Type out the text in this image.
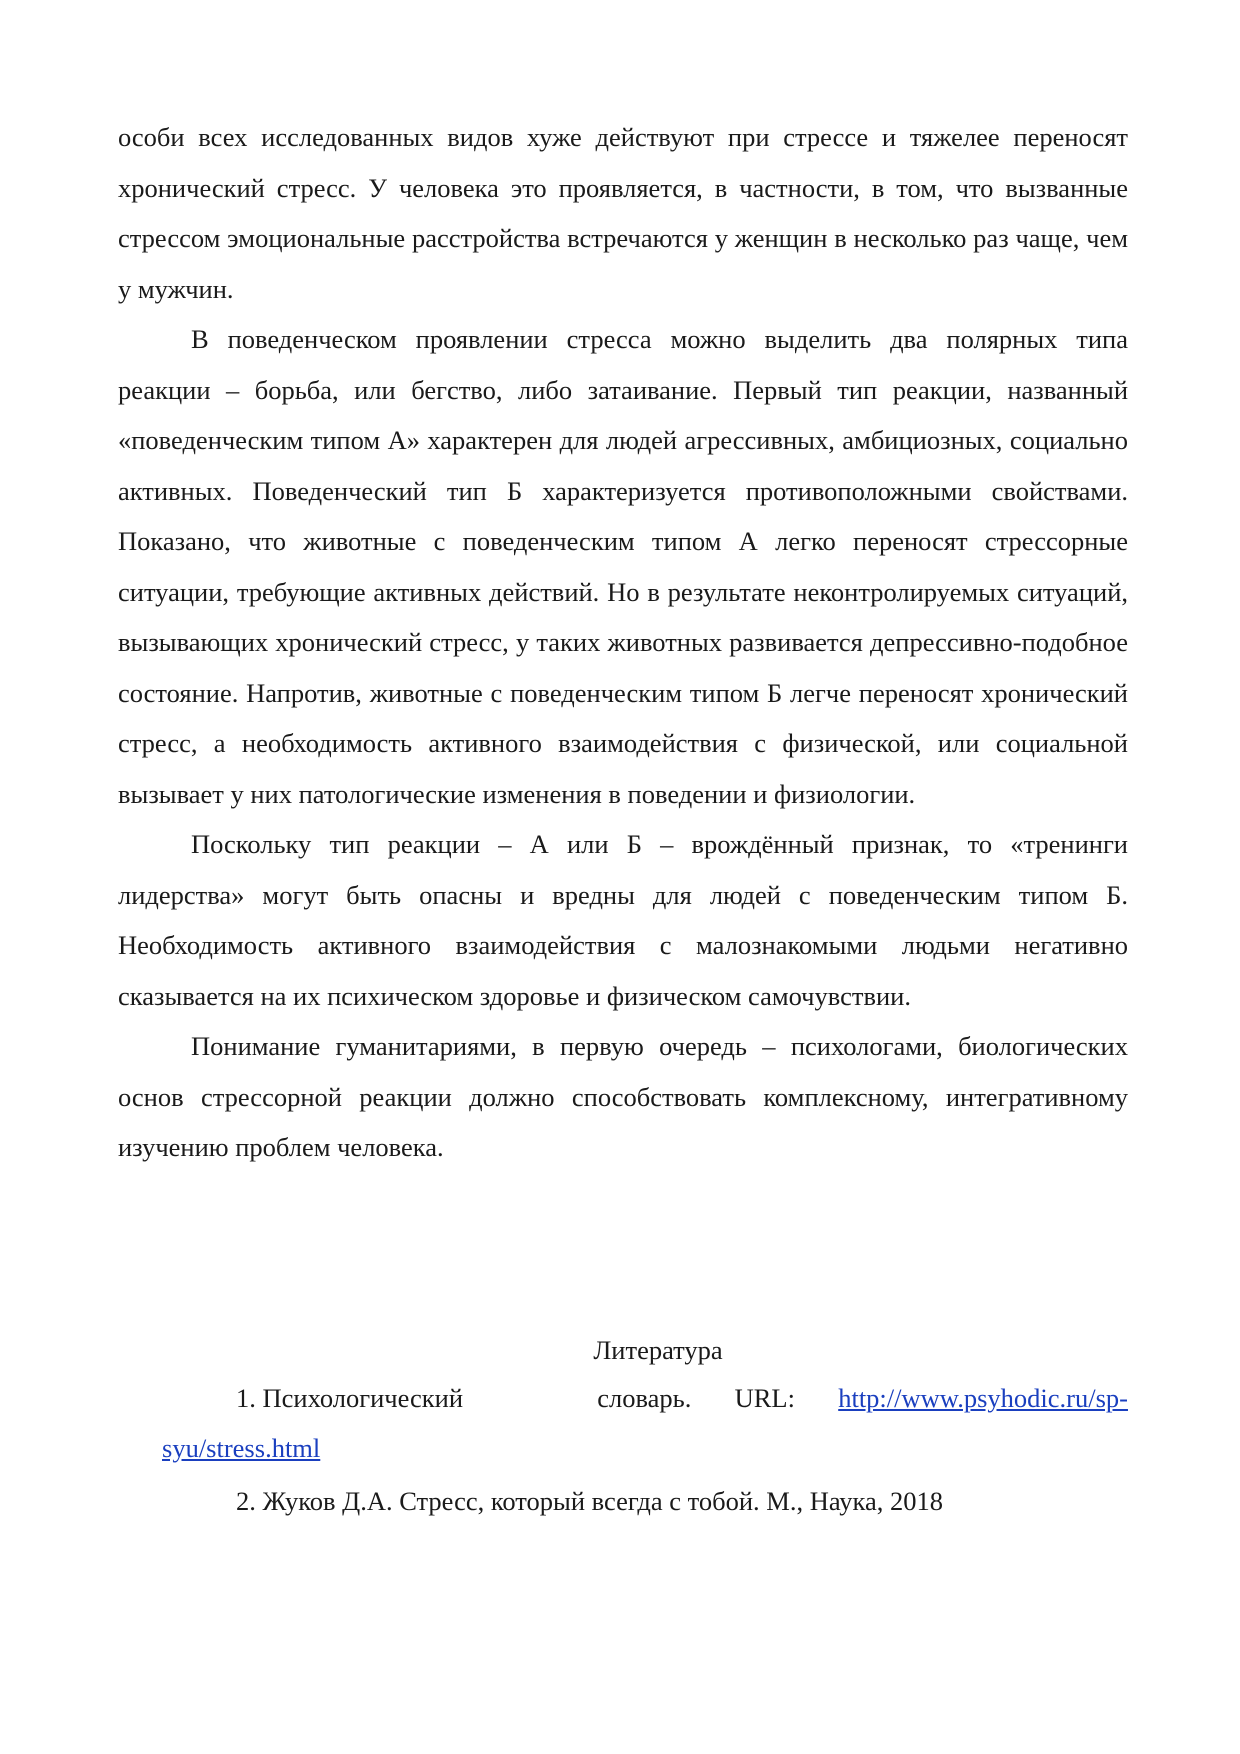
особи всех исследованных видов хуже действуют при стрессе и тяжелее переносят хронический стресс. У человека это проявляется, в частности, в том, что вызванные стрессом эмоциональные расстройства встречаются у женщин в несколько раз чаще, чем у мужчин.

В поведенческом проявлении стресса можно выделить два полярных типа реакции – борьба, или бегство, либо затаивание. Первый тип реакции, названный «поведенческим типом А» характерен для людей агрессивных, амбициозных, социально активных. Поведенческий тип Б характеризуется противоположными свойствами. Показано, что животные с поведенческим типом А легко переносят стрессорные ситуации, требующие активных действий. Но в результате неконтролируемых ситуаций, вызывающих хронический стресс, у таких животных развивается депрессивно-подобное состояние. Напротив, животные с поведенческим типом Б легче переносят хронический стресс, а необходимость активного взаимодействия с физической, или социальной вызывает у них патологические изменения в поведении и физиологии.

Поскольку тип реакции – А или Б – врождённый признак, то «тренинги лидерства» могут быть опасны и вредны для людей с поведенческим типом Б. Необходимость активного взаимодействия с малознакомыми людьми негативно сказывается на их психическом здоровье и физическом самочувствии.

Понимание гуманитариями, в первую очередь – психологами, биологических основ стрессорной реакции должно способствовать комплексному, интегративному изучению проблем человека.

Литература
1. Психологический	словарь. URL: http://www.psyhodic.ru/sp-
syu/stress.html
2. Жуков Д.А. Стресс, который всегда с тобой. М., Наука, 2018
